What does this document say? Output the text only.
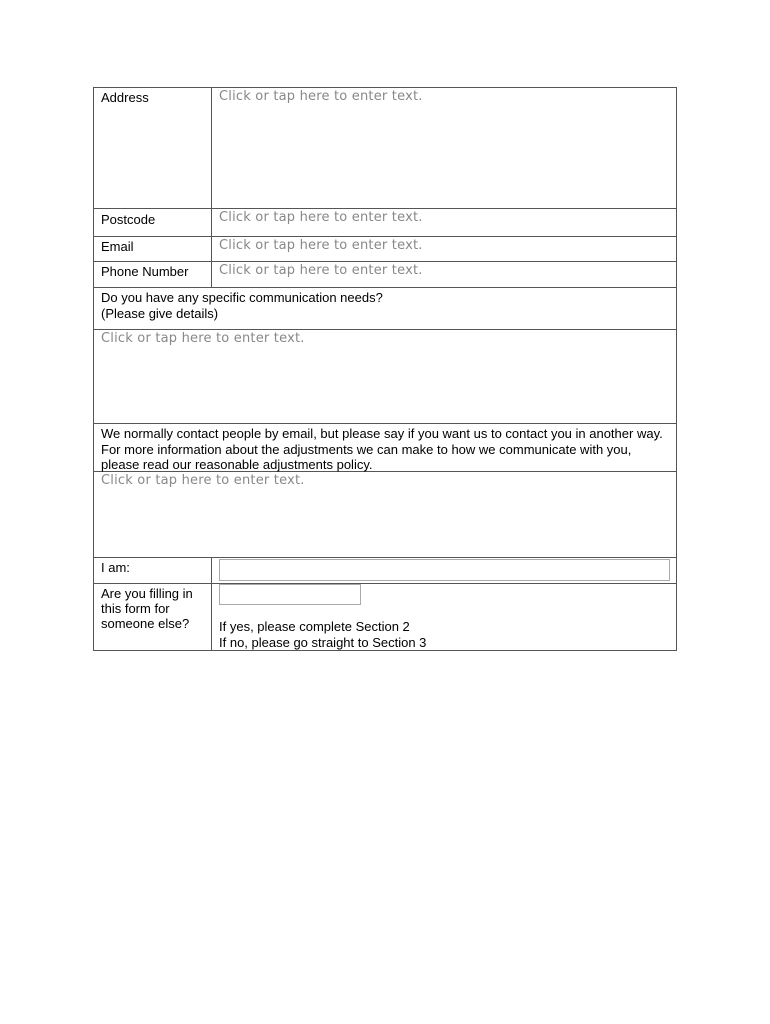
Address	Click or tap here to enter text.
Postcode	Click or tap here to enter text.
Email	Click or tap here to enter text.
Phone Number	Click or tap here to enter text.
Do you have any specific communication needs?
(Please give details)
Click or tap here to enter text.
We normally contact people by email, but please say if you want us to contact you in another way. For more information about the adjustments we can make to how we communicate with you, please read our reasonable adjustments policy.
Click or tap here to enter text.
I am:
Are you filling in this form for someone else?	If yes, please complete Section 2
If no, please go straight to Section 3
